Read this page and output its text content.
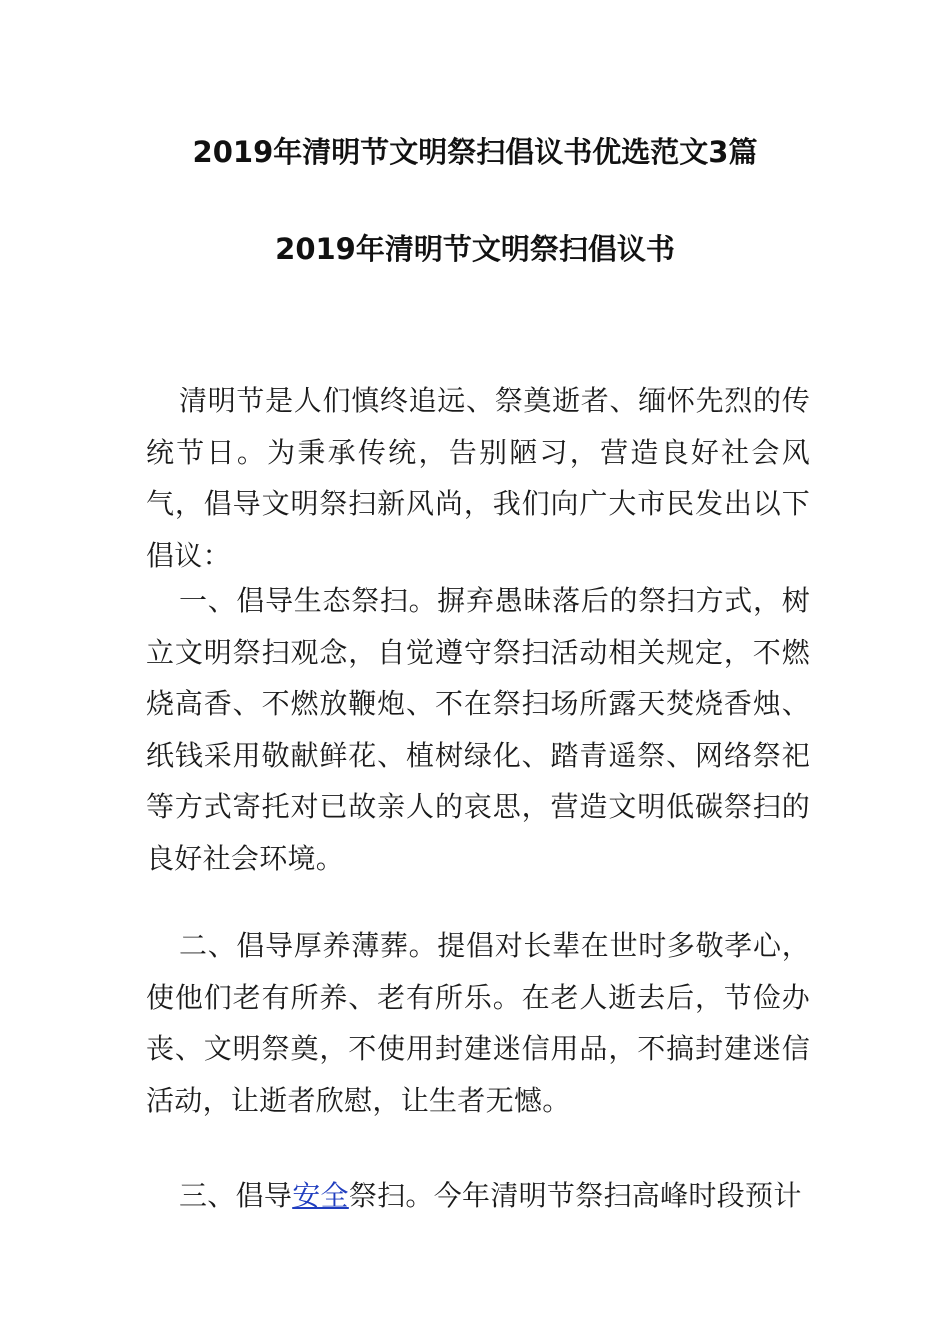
2019年清明节文明祭扫倡议书优选范文3篇
2019年清明节文明祭扫倡议书

清明节是人们慎终追远、祭奠逝者、缅怀先烈的传统节日。为秉承传统，告别陋习，营造良好社会风气，倡导文明祭扫新风尚，我们向广大市民发出以下倡议：

一、倡导生态祭扫。摒弃愚昧落后的祭扫方式，树立文明祭扫观念，自觉遵守祭扫活动相关规定，不燃烧高香、不燃放鞭炮、不在祭扫场所露天焚烧香烛、纸钱采用敬献鲜花、植树绿化、踏青遥祭、网络祭祀等方式寄托对已故亲人的哀思，营造文明低碳祭扫的良好社会环境。

二、倡导厚养薄葬。提倡对长辈在世时多敬孝心，使他们老有所养、老有所乐。在老人逝去后，节俭办丧、文明祭奠，不使用封建迷信用品，不搞封建迷信活动，让逝者欣慰，让生者无憾。

三、倡导安全祭扫。今年清明节祭扫高峰时段预计
